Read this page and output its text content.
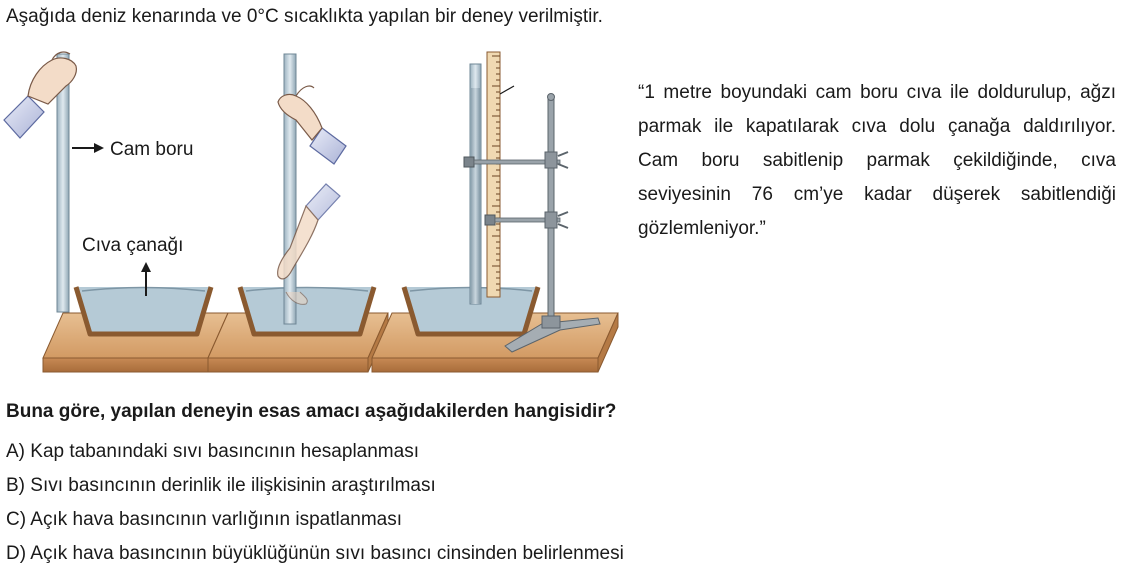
Aşağıda deniz kenarında ve 0°C sıcaklıkta yapılan bir deney verilmiştir.
Cam boru
Cıva çanağı
“1 metre boyundaki cam boru cıva ile doldurulup, ağzı parmak ile kapatılarak cıva dolu çanağa daldırılıyor. Cam boru sabitlenip parmak çekildiğinde, cıva seviyesinin 76 cm’ye kadar düşerek sabitlendiği gözlemleniyor.”
Buna göre, yapılan deneyin esas amacı aşağıdakilerden hangisidir?
A) Kap tabanındaki sıvı basıncının hesaplanması
B) Sıvı basıncının derinlik ile ilişkisinin araştırılması
C) Açık hava basıncının varlığının ispatlanması
D) Açık hava basıncının büyüklüğünün sıvı basıncı cinsinden belirlenmesi
